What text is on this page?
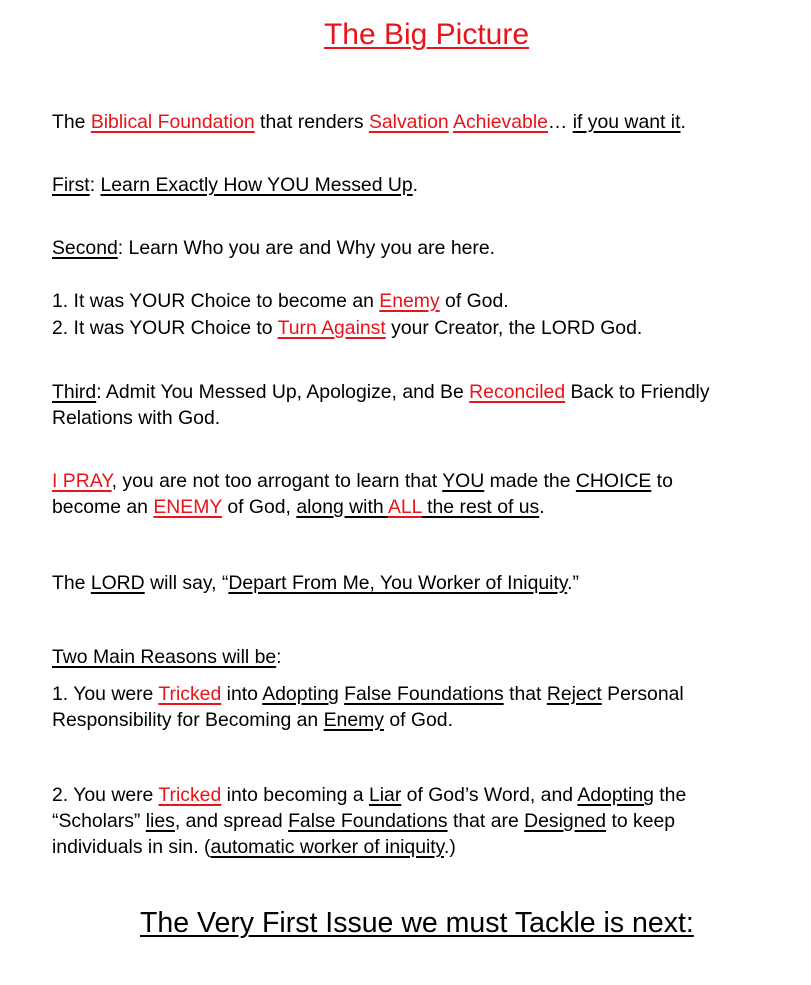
The Big Picture
The Biblical Foundation that renders Salvation Achievable… if you want it.
First: Learn Exactly How YOU Messed Up.
Second: Learn Who you are and Why you are here.
1. It was YOUR Choice to become an Enemy of God.
2. It was YOUR Choice to Turn Against your Creator, the LORD God.
Third: Admit You Messed Up, Apologize, and Be Reconciled Back to Friendly
Relations with God.
I PRAY, you are not too arrogant to learn that YOU made the CHOICE to
become an ENEMY of God, along with ALL the rest of us.
The LORD will say, “Depart From Me, You Worker of Iniquity.”
Two Main Reasons will be:
1. You were Tricked into Adopting False Foundations that Reject Personal
Responsibility for Becoming an Enemy of God.
2. You were Tricked into becoming a Liar of God’s Word, and Adopting the
“Scholars” lies, and spread False Foundations that are Designed to keep
individuals in sin. (automatic worker of iniquity.)
The Very First Issue we must Tackle is next:
